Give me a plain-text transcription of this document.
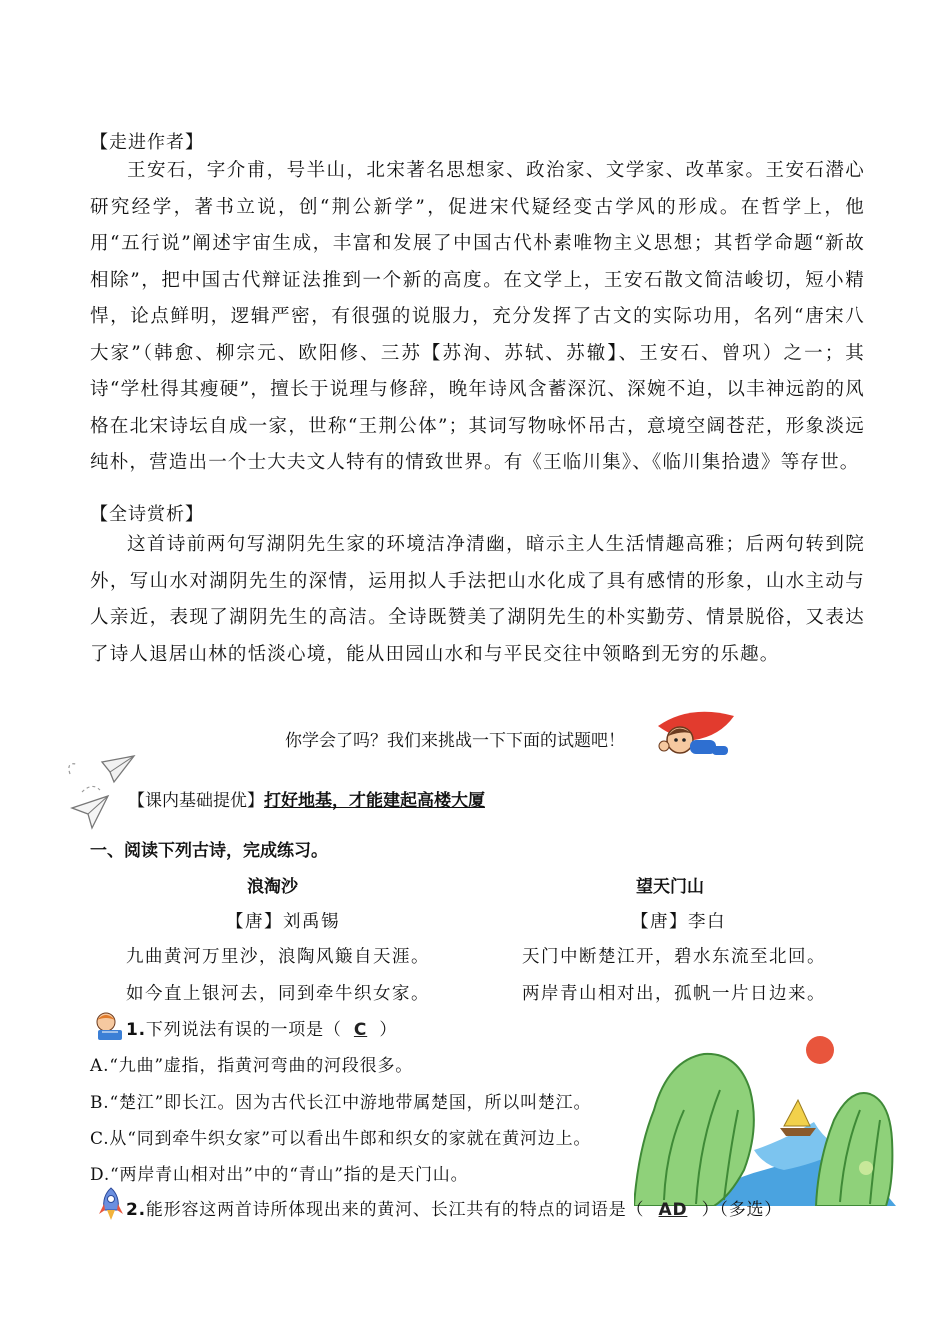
【走进作者】

王安石，字介甫，号半山，北宋著名思想家、政治家、文学家、改革家。王安石潜心研究经学，著书立说，创“荆公新学”，促进宋代疑经变古学风的形成。在哲学上，他用“五行说”阐述宇宙生成，丰富和发展了中国古代朴素唯物主义思想；其哲学命题“新故相除”，把中国古代辩证法推到一个新的高度。在文学上，王安石散文简洁峻切，短小精悍，论点鲜明，逻辑严密，有很强的说服力，充分发挥了古文的实际功用，名列“唐宋八大家”（韩愈、柳宗元、欧阳修、三苏【苏洵、苏轼、苏辙】、王安石、曾巩）之一；其诗“学杜得其瘦硬”，擅长于说理与修辞，晚年诗风含蓄深沉、深婉不迫，以丰神远韵的风格在北宋诗坛自成一家，世称“王荆公体”；其词写物咏怀吊古，意境空阔苍茫，形象淡远纯朴，营造出一个士大夫文人特有的情致世界。有《王临川集》、《临川集拾遗》等存世。

【全诗赏析】

这首诗前两句写湖阴先生家的环境洁净清幽，暗示主人生活情趣高雅；后两句转到院外，写山水对湖阴先生的深情，运用拟人手法把山水化成了具有感情的形象，山水主动与人亲近，表现了湖阴先生的高洁。全诗既赞美了湖阴先生的朴实勤劳、情景脱俗，又表达了诗人退居山林的恬淡心境，能从田园山水和与平民交往中领略到无穷的乐趣。

你学会了吗？我们来挑战一下下面的试题吧！
【课内基础提优】打好地基，才能建起高楼大厦
一、阅读下列古诗，完成练习。
浪淘沙
【唐】刘禹锡
九曲黄河万里沙，浪陶风簸自天涯。
如今直上银河去，同到牵牛织女家。
望天门山
【唐】李白
天门中断楚江开，碧水东流至北回。
两岸青山相对出，孤帆一片日边来。
1.下列说法有误的一项是（ C ）
A.“九曲”虚指，指黄河弯曲的河段很多。
B.“楚江”即长江。因为古代长江中游地带属楚国，所以叫楚江。
C.从“同到牵牛织女家”可以看出牛郎和织女的家就在黄河边上。
D.“两岸青山相对出”中的“青山”指的是天门山。
2.能形容这两首诗所体现出来的黄河、长江共有的特点的词语是（ AD ）（多选）
